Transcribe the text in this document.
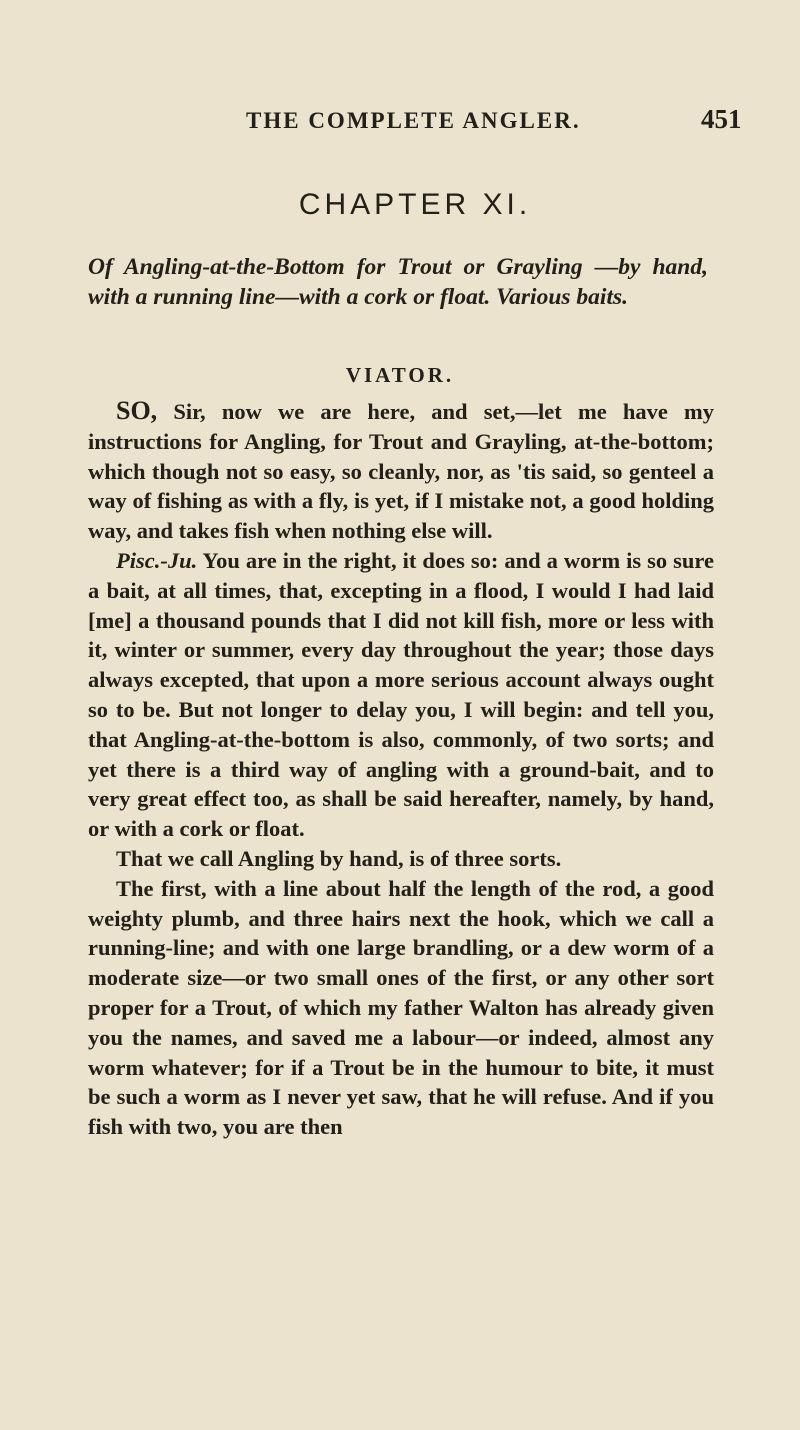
THE COMPLETE ANGLER.	451
CHAPTER XI.
Of Angling-at-the-Bottom for Trout or Grayling —by hand, with a running line—with a cork or float. Various baits.
VIATOR.

SO, Sir, now we are here, and set,—let me have my instructions for Angling, for Trout and Grayling, at-the-bottom; which though not so easy, so cleanly, nor, as 'tis said, so genteel a way of fishing as with a fly, is yet, if I mistake not, a good holding way, and takes fish when nothing else will.

Pisc.-Ju. You are in the right, it does so: and a worm is so sure a bait, at all times, that, excepting in a flood, I would I had laid [me] a thousand pounds that I did not kill fish, more or less with it, winter or summer, every day throughout the year; those days always excepted, that upon a more serious account always ought so to be. But not longer to delay you, I will begin: and tell you, that Angling-at-the-bottom is also, commonly, of two sorts; and yet there is a third way of angling with a ground-bait, and to very great effect too, as shall be said hereafter, namely, by hand, or with a cork or float.

That we call Angling by hand, is of three sorts.

The first, with a line about half the length of the rod, a good weighty plumb, and three hairs next the hook, which we call a running-line; and with one large brandling, or a dew worm of a moderate size—or two small ones of the first, or any other sort proper for a Trout, of which my father Walton has already given you the names, and saved me a labour—or indeed, almost any worm whatever; for if a Trout be in the humour to bite, it must be such a worm as I never yet saw, that he will refuse. And if you fish with two, you are then
